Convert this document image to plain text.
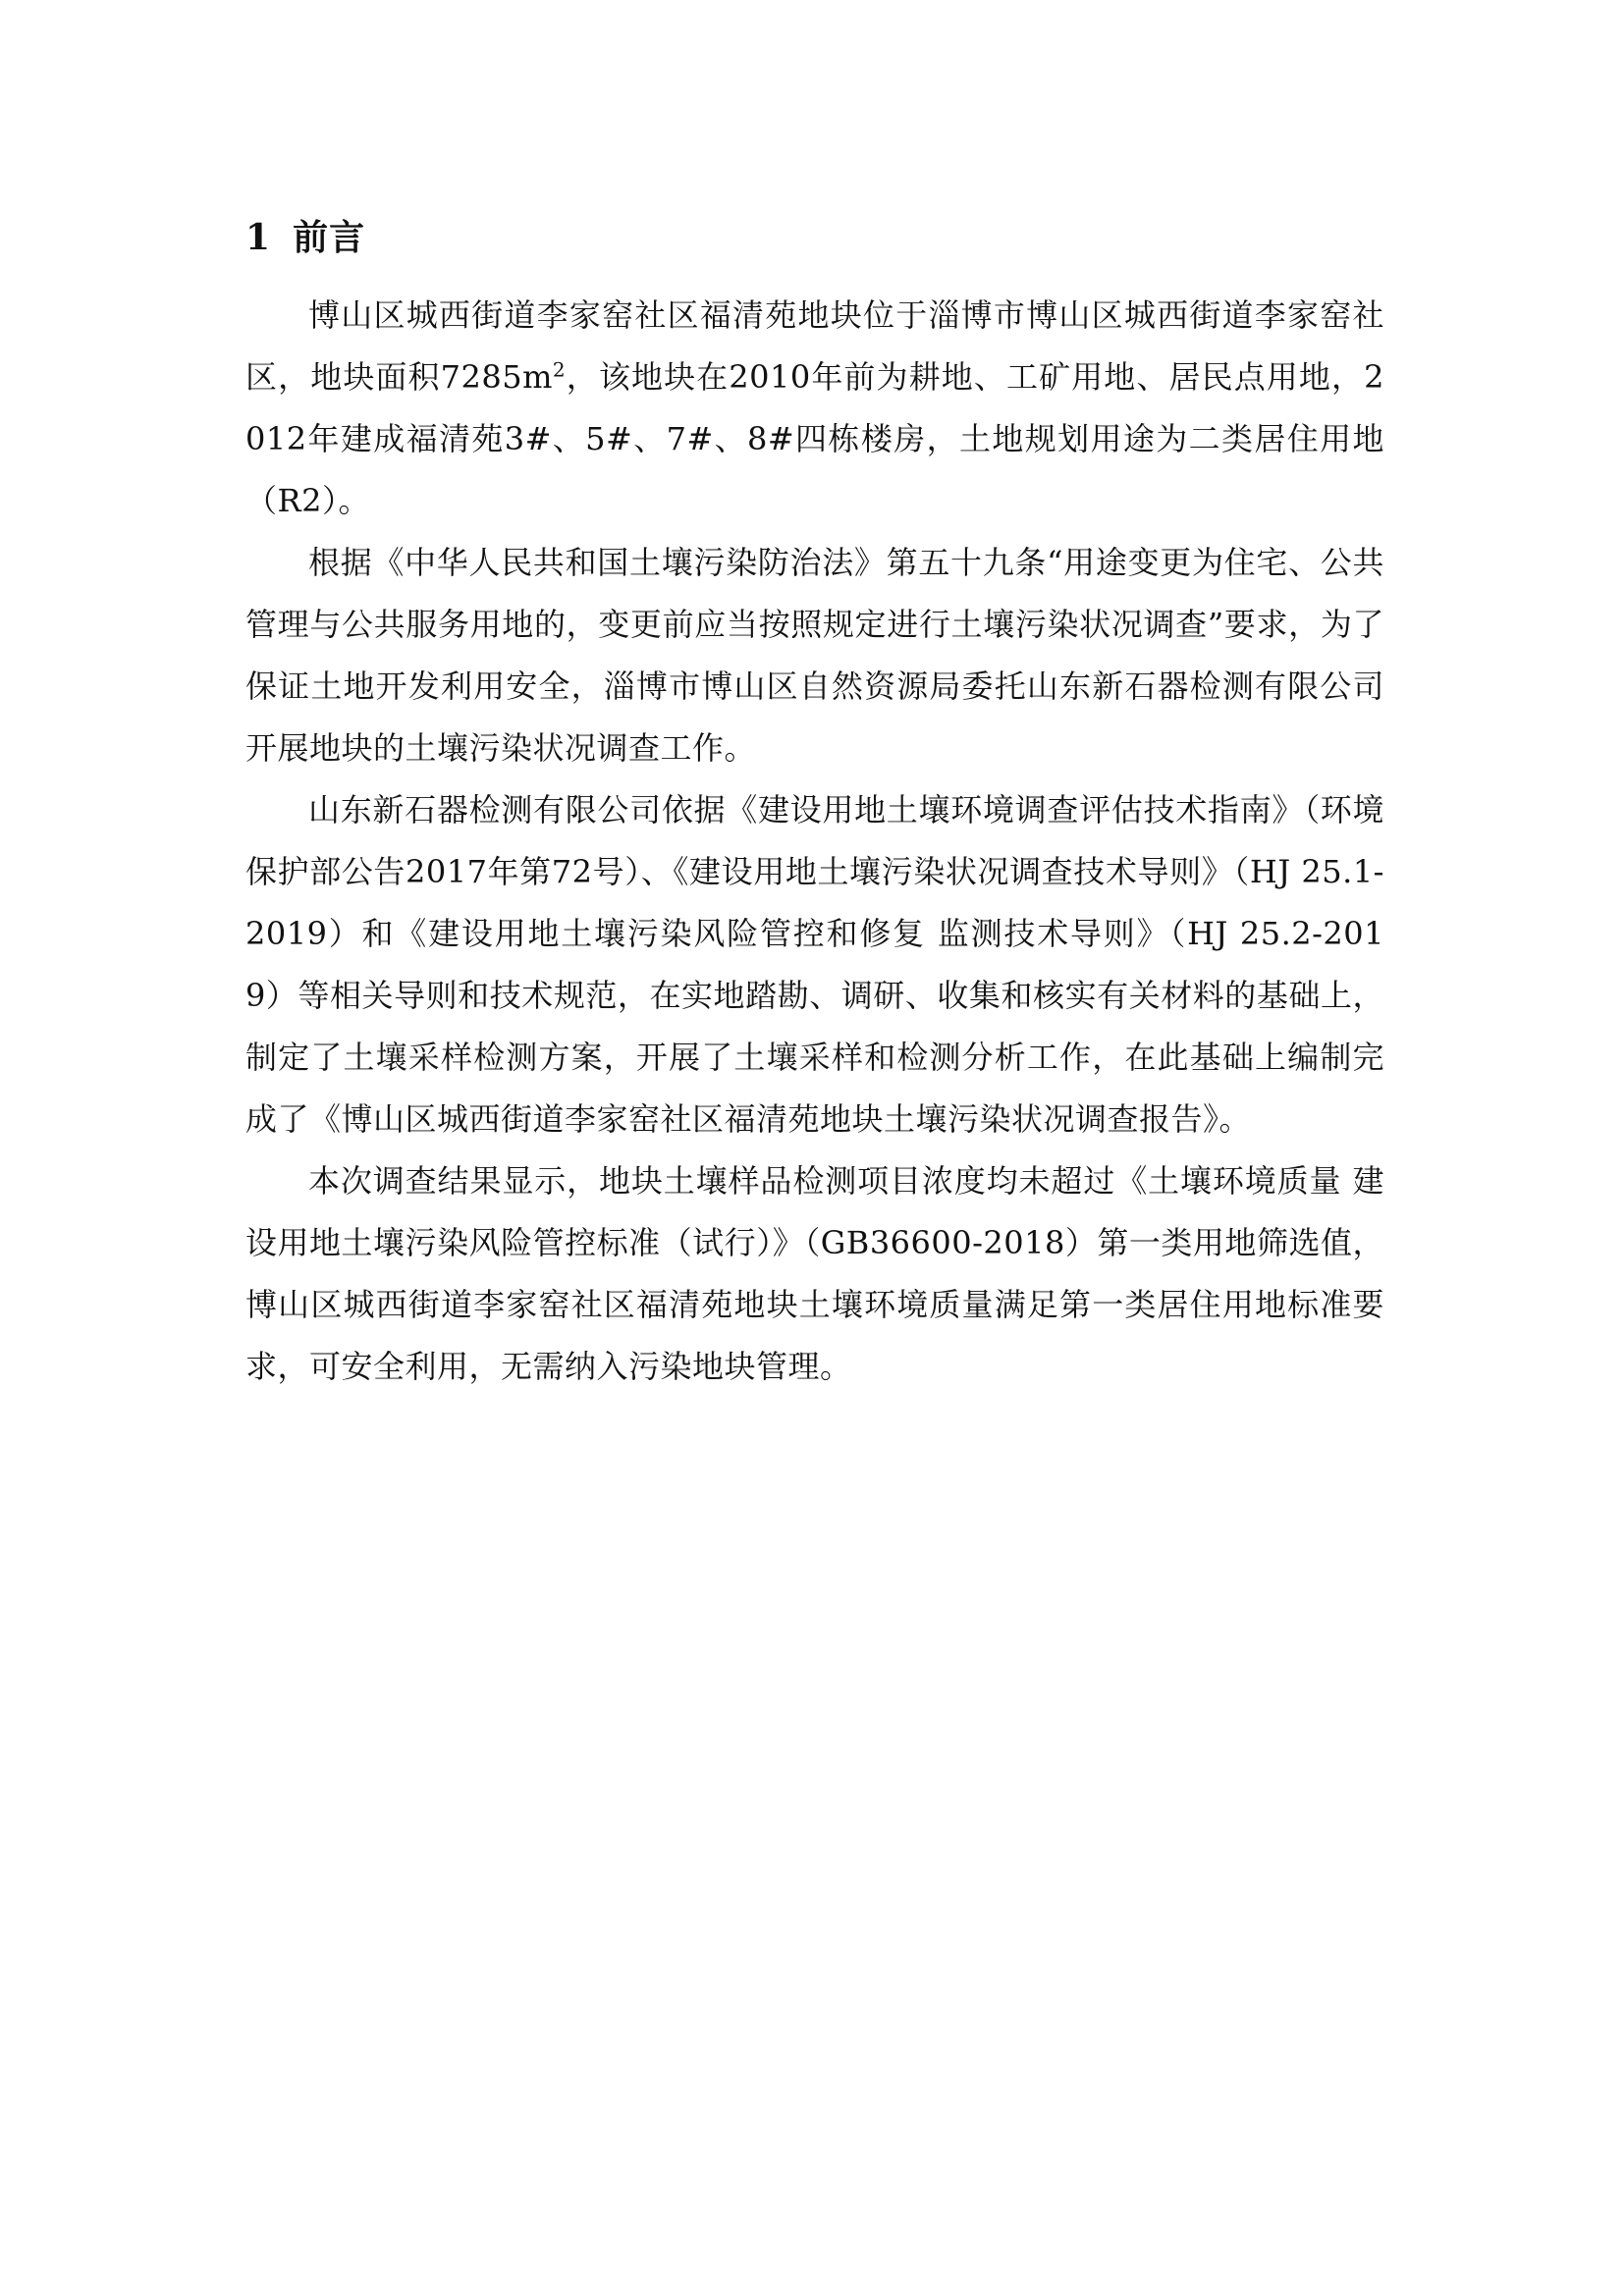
1 前言

博山区城西街道李家窑社区福清苑地块位于淄博市博山区城西街道李家窑社区，地块面积$7285m^2$，该地块在2010年前为耕地、工矿用地、居民点用地，2012年建成福清苑3#、5#、7#、8#四栋楼房，土地规划用途为二类居住用地（R2）。

根据《中华人民共和国土壤污染防治法》第五十九条“用途变更为住宅、公共管理与公共服务用地的，变更前应当按照规定进行土壤污染状况调查”要求，为了保证土地开发利用安全，淄博市博山区自然资源局委托山东新石器检测有限公司开展地块的土壤污染状况调查工作。

山东新石器检测有限公司依据《建设用地土壤环境调查评估技术指南》（环境保护部公告2017年第72号）、《建设用地土壤污染状况调查技术导则》（HJ 25.1-2019）和《建设用地土壤污染风险管控和修复 监测技术导则》（HJ 25.2-2019）等相关导则和技术规范，在实地踏勘、调研、收集和核实有关材料的基础上，制定了土壤采样检测方案，开展了土壤采样和检测分析工作，在此基础上编制完成了《博山区城西街道李家窑社区福清苑地块土壤污染状况调查报告》。

本次调查结果显示，地块土壤样品检测项目浓度均未超过《土壤环境质量 建设用地土壤污染风险管控标准（试行）》（GB36600-2018）第一类用地筛选值，博山区城西街道李家窑社区福清苑地块土壤环境质量满足第一类居住用地标准要求，可安全利用，无需纳入污染地块管理。
